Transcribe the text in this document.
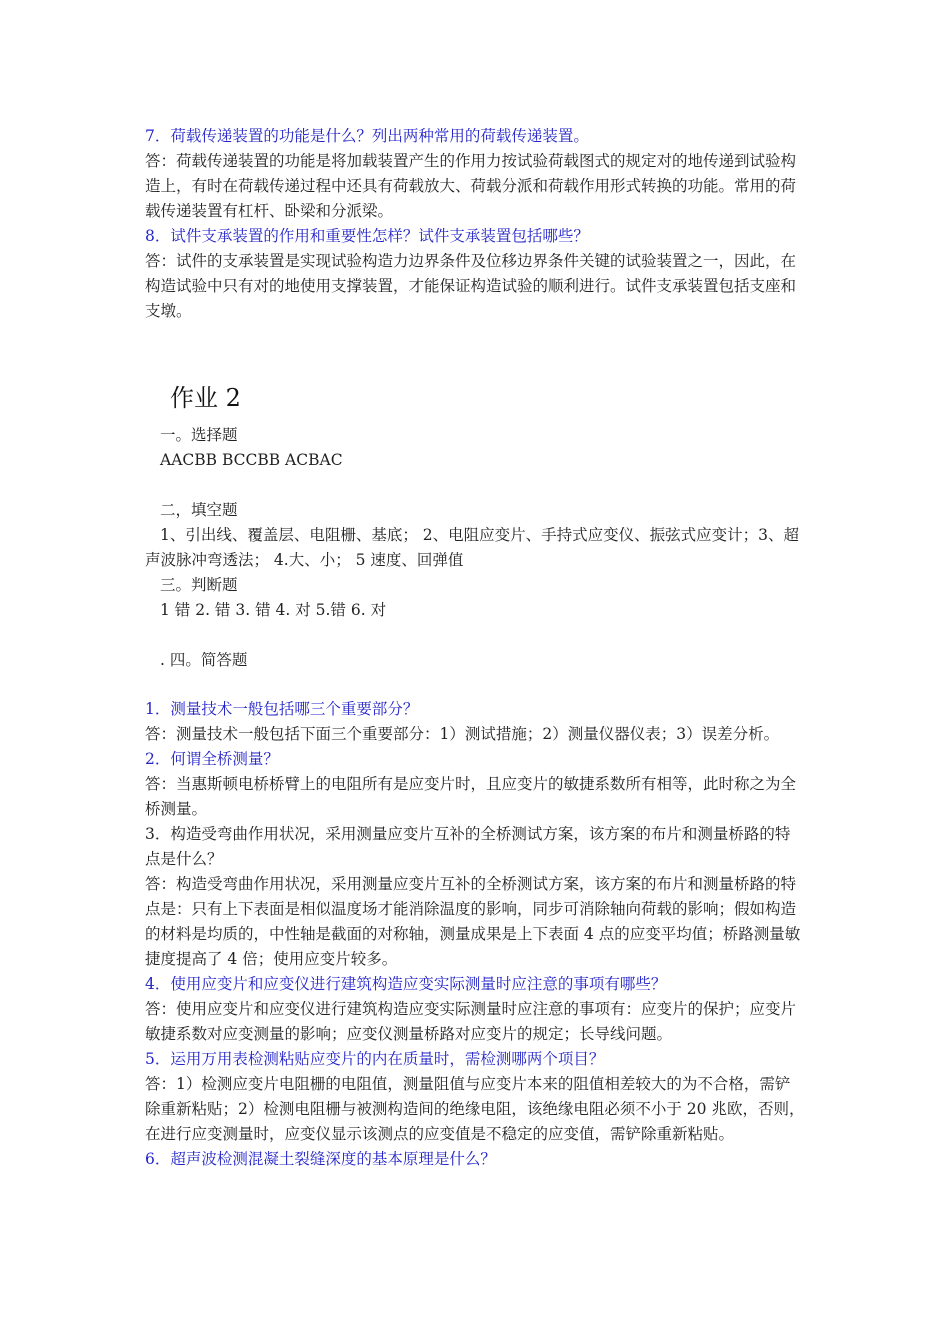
7．荷载传递装置的功能是什么？列出两种常用的荷载传递装置。

答：荷载传递装置的功能是将加载装置产生的作用力按试验荷载图式的规定对的地传递到试验构造上，有时在荷载传递过程中还具有荷载放大、荷载分派和荷载作用形式转换的功能。常用的荷载传递装置有杠杆、卧梁和分派梁。

8．试件支承装置的作用和重要性怎样？试件支承装置包括哪些？

答：试件的支承装置是实现试验构造力边界条件及位移边界条件关键的试验装置之一，因此，在构造试验中只有对的地使用支撑装置，才能保证构造试验的顺利进行。试件支承装置包括支座和支墩。

作业 2
一。选择题
AACBB BCCBB ACBAC
二，填空题
1、引出线、覆盖层、电阻栅、基底； 2、电阻应变片、手持式应变仪、振弦式应变计；3、超声波脉冲弯透法； 4.大、小； 5 速度、回弹值
三。判断题
1 错 2. 错 3. 错 4. 对 5.错 6. 对
. 四。简答题

1．测量技术一般包括哪三个重要部分？

答：测量技术一般包括下面三个重要部分：1）测试措施；2）测量仪器仪表；3）误差分析。

2．何谓全桥测量？

答：当惠斯顿电桥桥臂上的电阻所有是应变片时，且应变片的敏捷系数所有相等，此时称之为全桥测量。

3．构造受弯曲作用状况，采用测量应变片互补的全桥测试方案，该方案的布片和测量桥路的特点是什么？

答：构造受弯曲作用状况，采用测量应变片互补的全桥测试方案，该方案的布片和测量桥路的特点是：只有上下表面是相似温度场才能消除温度的影响，同步可消除轴向荷载的影响；假如构造的材料是均质的，中性轴是截面的对称轴，测量成果是上下表面 4 点的应变平均值；桥路测量敏捷度提高了 4 倍；使用应变片较多。

4．使用应变片和应变仪进行建筑构造应变实际测量时应注意的事项有哪些？

答：使用应变片和应变仪进行建筑构造应变实际测量时应注意的事项有：应变片的保护；应变片敏捷系数对应变测量的影响；应变仪测量桥路对应变片的规定；长导线问题。

5．运用万用表检测粘贴应变片的内在质量时，需检测哪两个项目？

答：1）检测应变片电阻栅的电阻值，测量阻值与应变片本来的阻值相差较大的为不合格，需铲除重新粘贴；2）检测电阻栅与被测构造间的绝缘电阻，该绝缘电阻必须不小于 20 兆欧，否则，在进行应变测量时，应变仪显示该测点的应变值是不稳定的应变值，需铲除重新粘贴。

6．超声波检测混凝土裂缝深度的基本原理是什么？
